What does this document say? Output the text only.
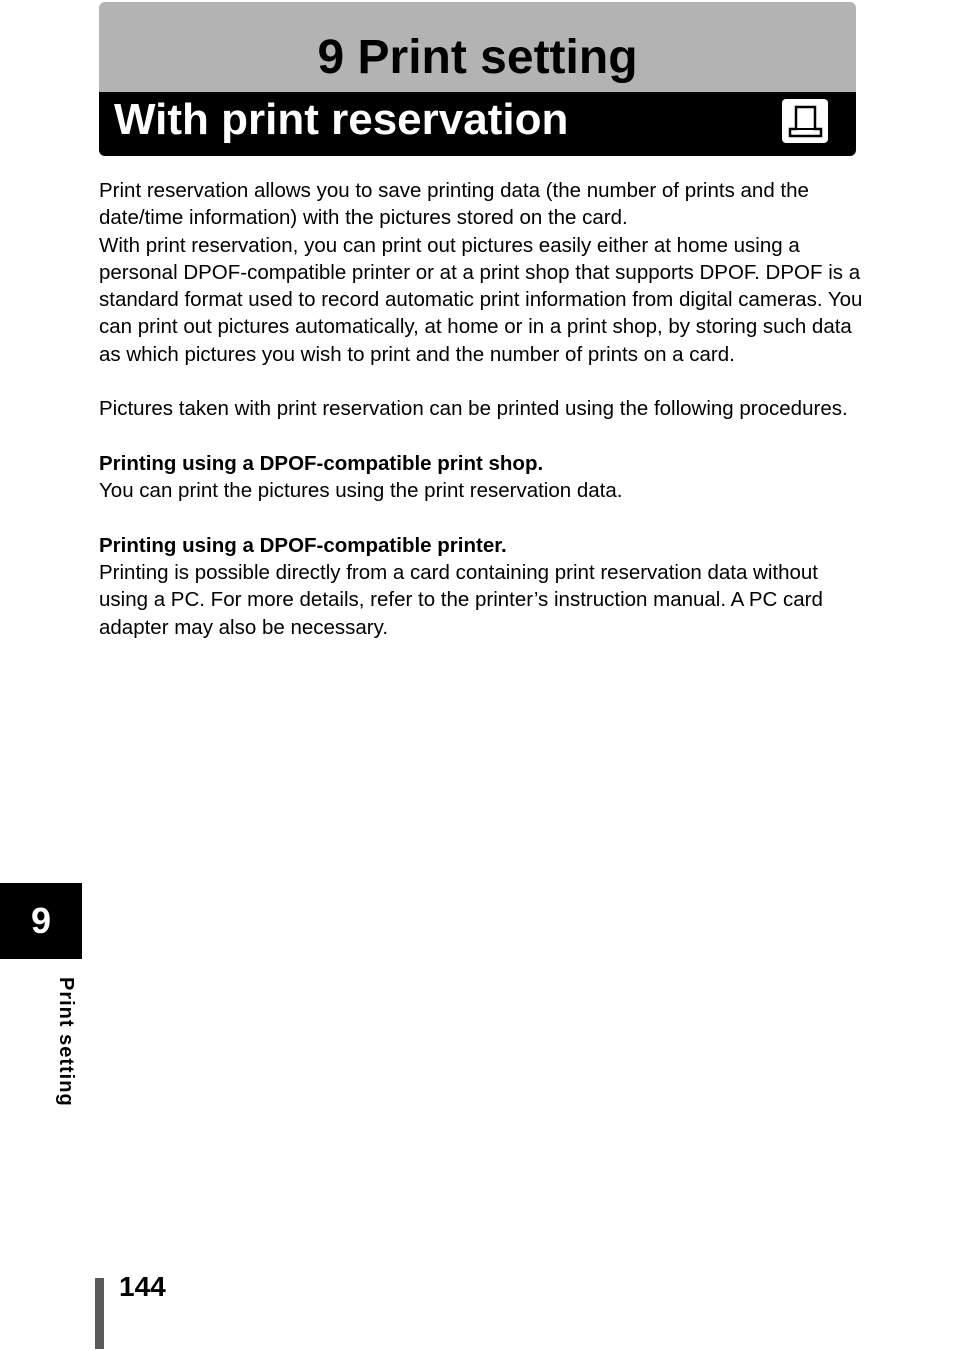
9 Print setting
With print reservation

Print reservation allows you to save printing data (the number of prints and the date/time information) with the pictures stored on the card.

With print reservation, you can print out pictures easily either at home using a personal DPOF-compatible printer or at a print shop that supports DPOF. DPOF is a standard format used to record automatic print information from digital cameras. You can print out pictures automatically, at home or in a print shop, by storing such data as which pictures you wish to print and the number of prints on a card.

Pictures taken with print reservation can be printed using the following procedures.

Printing using a DPOF-compatible print shop.

You can print the pictures using the print reservation data.

Printing using a DPOF-compatible printer.

Printing is possible directly from a card containing print reservation data without using a PC. For more details, refer to the printer’s instruction manual. A PC card adapter may also be necessary.

9
Print setting
144
